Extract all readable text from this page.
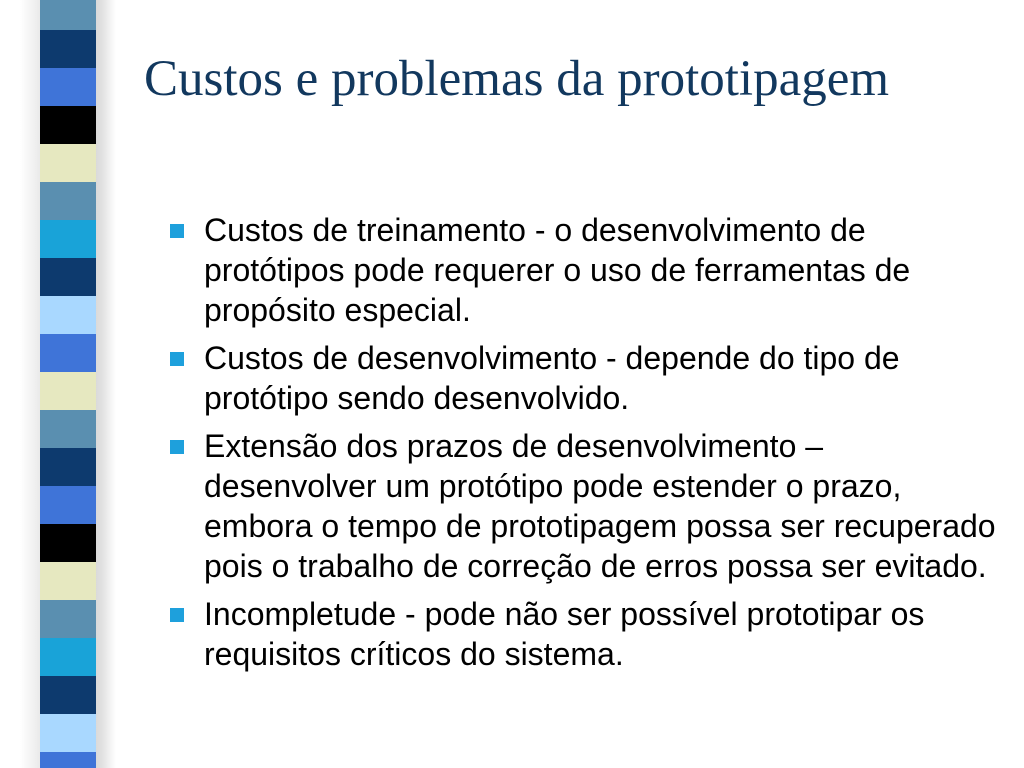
Custos e problemas da prototipagem
Custos de treinamento - o desenvolvimento de protótipos pode requerer o uso de ferramentas de propósito especial.
Custos de desenvolvimento - depende do tipo de protótipo sendo desenvolvido.
Extensão dos prazos de desenvolvimento – desenvolver um protótipo pode estender o prazo, embora o tempo de prototipagem possa ser recuperado pois o trabalho de correção de erros possa ser evitado.
Incompletude - pode não ser possível prototipar os requisitos críticos do sistema.
